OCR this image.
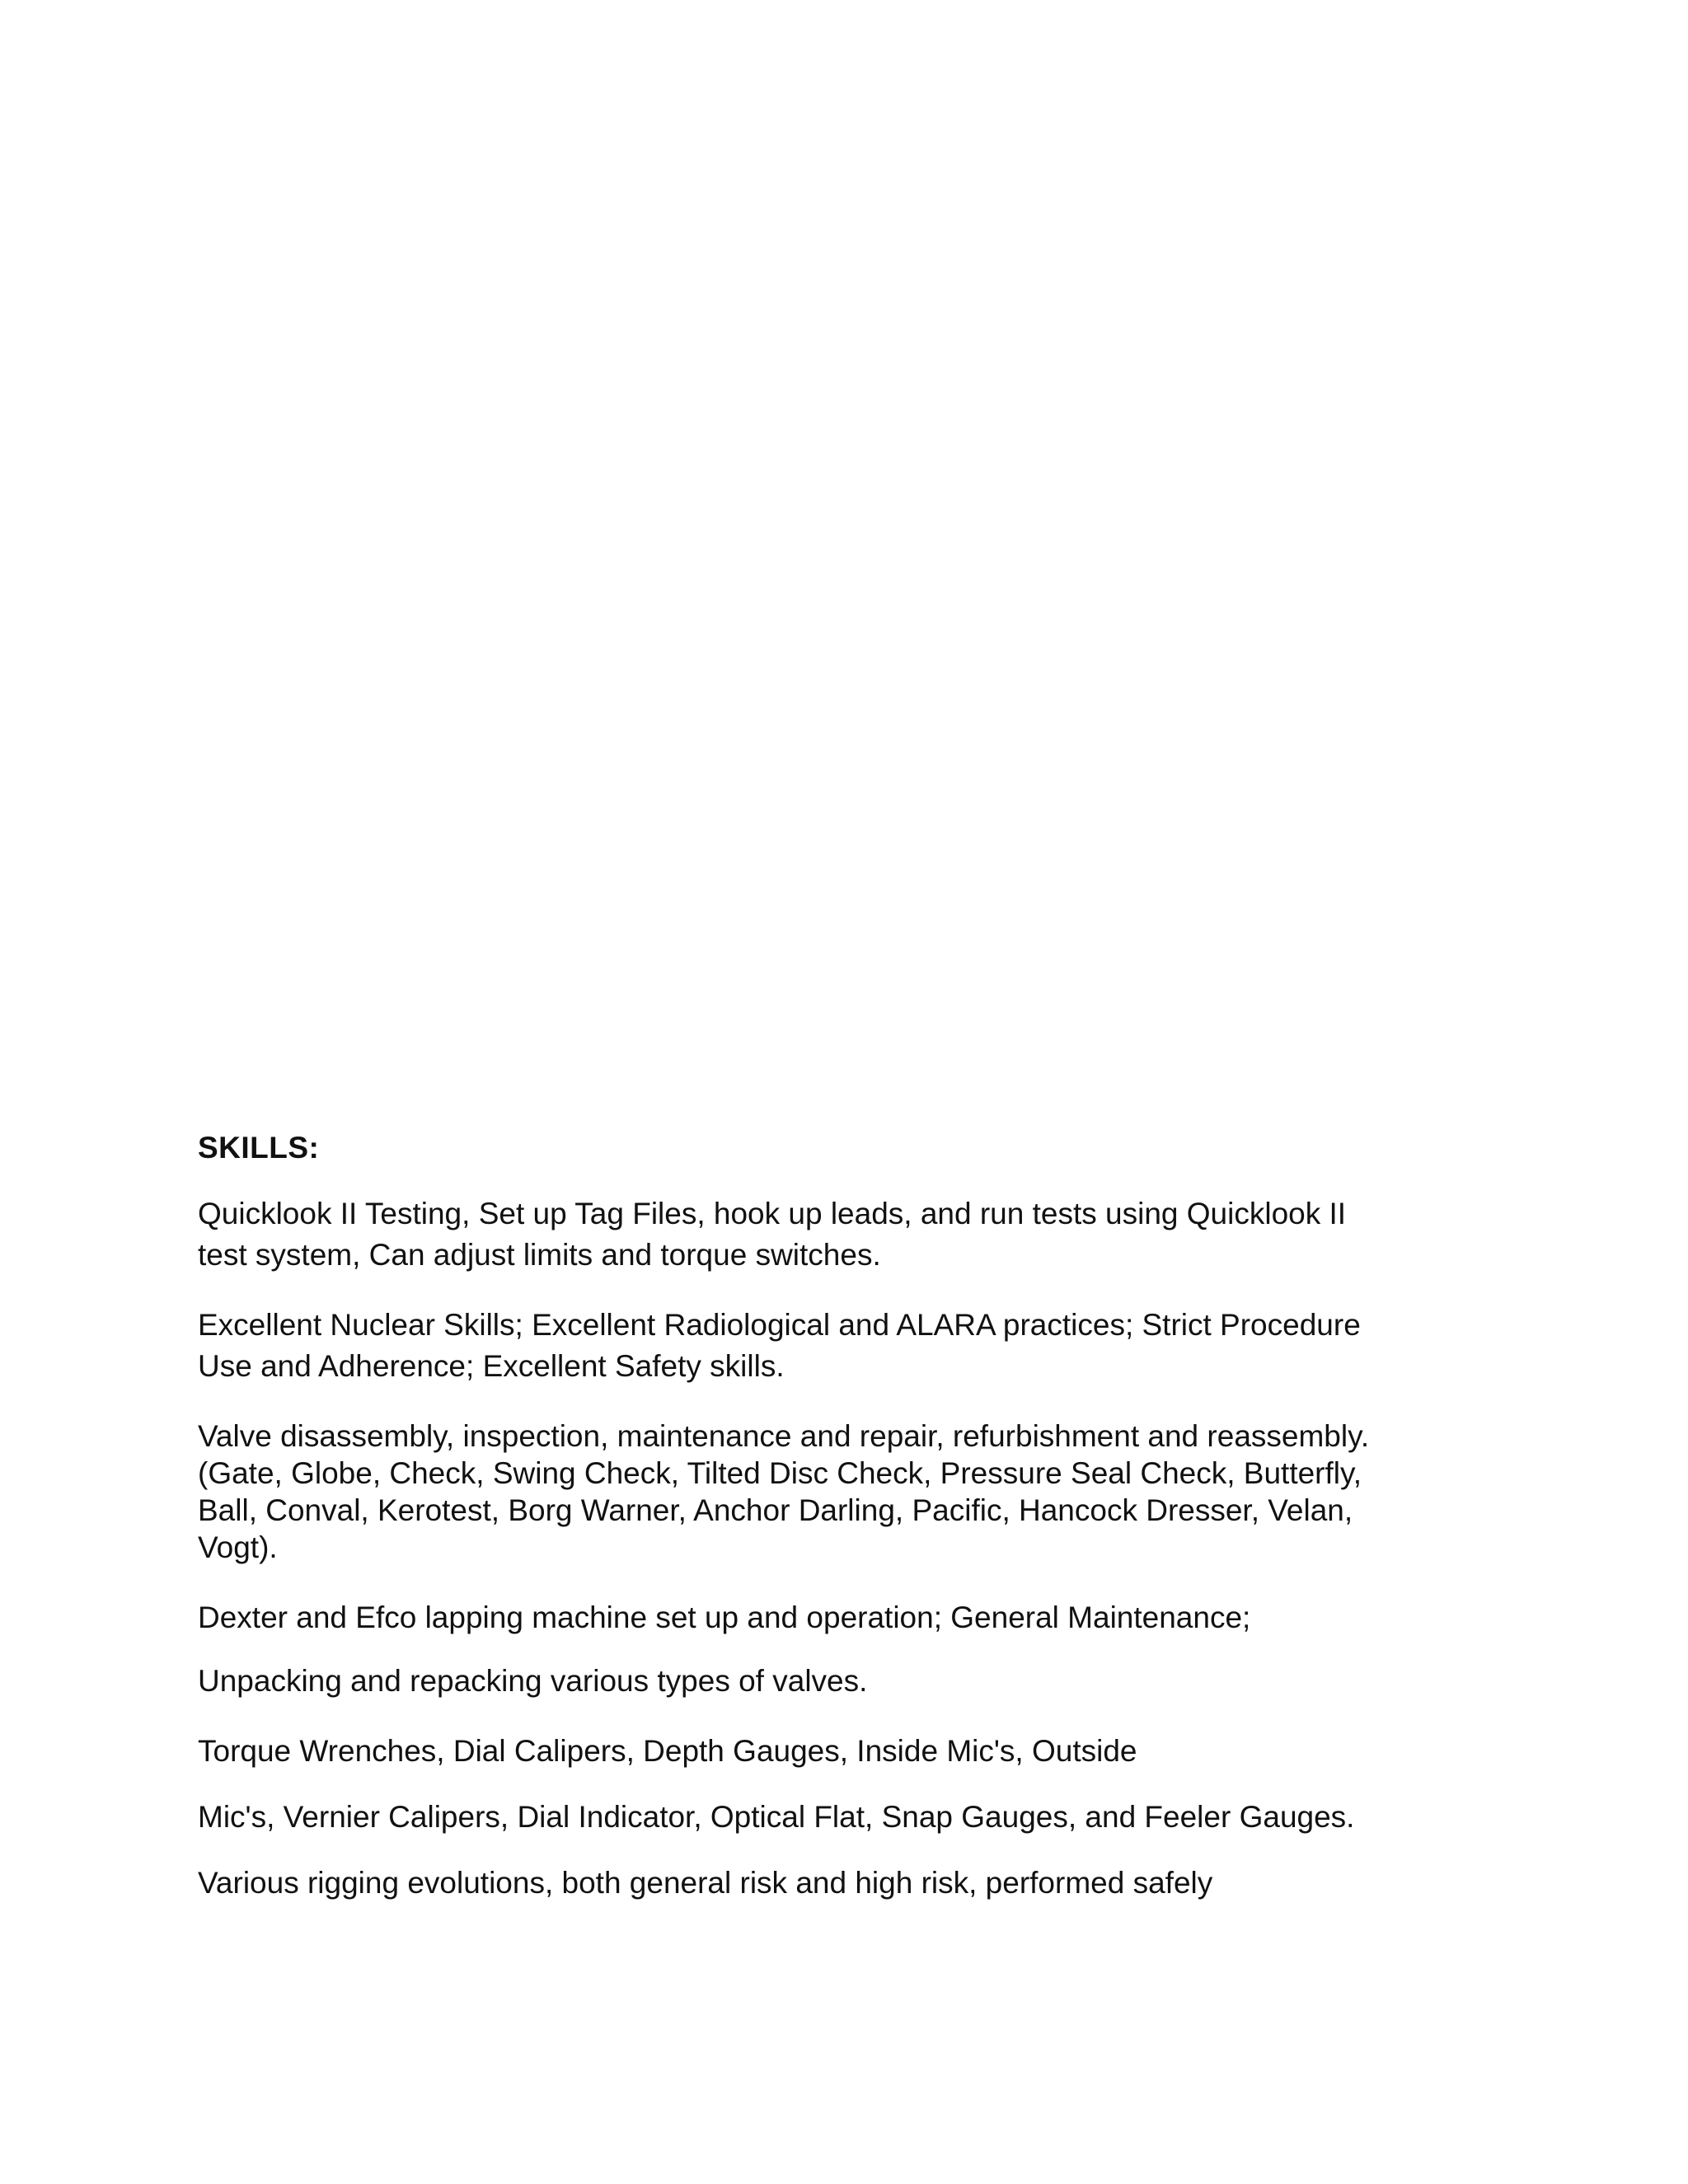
SKILLS:

Quicklook II Testing, Set up Tag Files, hook up leads, and run tests using Quicklook II
test system, Can adjust limits and torque switches.

Excellent Nuclear Skills; Excellent Radiological and ALARA practices; Strict Procedure
Use and Adherence; Excellent Safety skills.

Valve disassembly, inspection, maintenance and repair, refurbishment and reassembly.
(Gate, Globe, Check, Swing Check, Tilted Disc Check, Pressure Seal Check, Butterfly,
Ball, Conval, Kerotest, Borg Warner, Anchor Darling, Pacific, Hancock Dresser, Velan,
Vogt).

Dexter and Efco lapping machine set up and operation; General Maintenance;

Unpacking and repacking various types of valves.

Torque Wrenches, Dial Calipers, Depth Gauges, Inside Mic's, Outside

Mic's, Vernier Calipers, Dial Indicator, Optical Flat, Snap Gauges, and Feeler Gauges.

Various rigging evolutions, both general risk and high risk, performed safely
